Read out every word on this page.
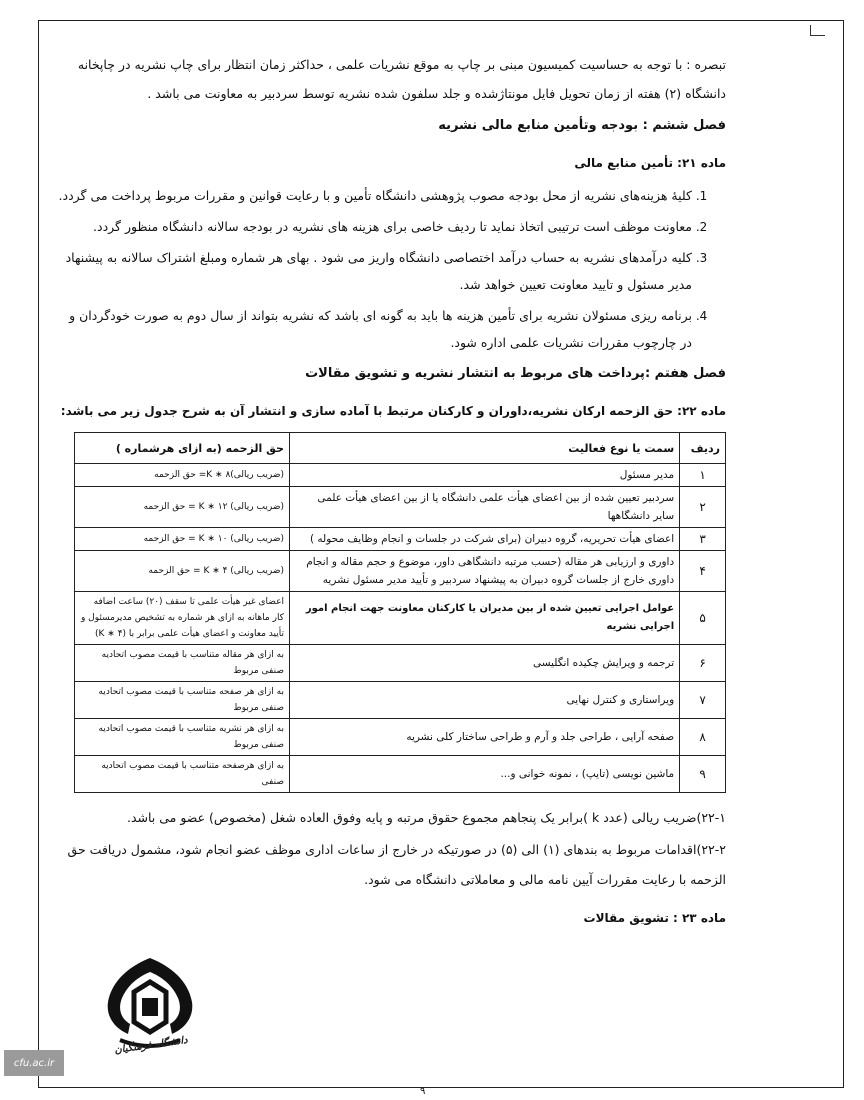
تبصره : با توجه به حساسیت کمیسیون مبنی بر چاپ به موقع نشریات علمی ، حداکثر زمان انتظار برای چاپ نشریه در چاپخانه دانشگاه (۲) هفته از زمان تحویل فایل مونتاژشده و جلد سلفون شده نشریه توسط سردبیر به معاونت می باشد .

فصل ششم : بودجه وتأمین منابع مالی نشریه

ماده ۲۱: تأمین منابع مالی

1. کلیهٔ هزینه‌های نشریه از محل بودجه مصوب پژوهشی دانشگاه تأمین و با رعایت قوانین و مقررات مربوط پرداخت می گردد.
2. معاونت موظف است ترتیبی اتخاذ نماید تا ردیف خاصی برای هزینه های نشریه در بودجه سالانه دانشگاه منظور گردد.
3. کلیه درآمدهای نشریه به حساب درآمد اختصاصی دانشگاه واریز می شود . بهای هر شماره ومبلغ اشتراک سالانه به پیشنهاد مدیر مسئول و تایید معاونت تعیین خواهد شد.
4. برنامه ریزی مسئولان نشریه برای تأمین هزینه ها باید به گونه ای باشد که نشریه بتواند از سال دوم به صورت خودگردان و در چارچوب مقررات نشریات علمی اداره شود.

فصل هفتم :پرداخت های مربوط به انتشار نشریه و تشویق مقالات

ماده ۲۲: حق الزحمه ارکان نشریه،داوران و کارکنان مرتبط با آماده سازی و انتشار آن به شرح جدول زیر می باشد:

ردیف	سمت یا نوع فعالیت	حق الزحمه (به ازای هرشماره )
۱	مدیر مسئول	(ضریب ریالی)K ∗ ۸= حق الزحمه
۲	سردبیر تعیین شده از بین اعضای هیأت علمی دانشگاه یا از بین اعضای هیأت علمی سایر دانشگاهها	(ضریب ریالی) K ∗ ۱۲ = حق الزحمه
۳	اعضای هیأت تحریریه، گروه دبیران (برای شرکت در جلسات و انجام وظایف محوله )	(ضریب ریالی) K ∗ ۱۰ = حق الزحمه
۴	داوری و ارزیابی هر مقاله (حسب مرتبه دانشگاهی داور، موضوع و حجم مقاله و انجام داوری خارج از جلسات گروه دبیران به پیشنهاد سردبیر و تأیید مدیر مسئول نشریه	(ضریب ریالی) K ∗ ۴ = حق الزحمه
۵	عوامل اجرایی تعیین شده از بین مدیران یا کارکنان معاونت جهت انجام امور اجرایی نشریه	اعضای غیر هیأت علمی تا سقف (۲۰) ساعت اضافه کار ماهانه به ازای هر شماره به تشخیص مدیرمسئول و تأیید معاونت و اعضای هیأت علمی برابر با (K ∗ ۴)
۶	ترجمه و ویرایش چکیده انگلیسی	به ازای هر مقاله متناسب با قیمت مصوب اتحادیه صنفی مربوط
۷	ویراستاری و کنترل نهایی	به ازای هر صفحه متناسب با قیمت مصوب اتحادیه صنفی مربوط
۸	صفحه آرایی ، طراحی جلد و آرم و طراحی ساختار کلی نشریه	به ازای هر نشریه متناسب با قیمت مصوب اتحادیه صنفی مربوط
۹	ماشین نویسی (تایپ) ، نمونه خوانی و...	به ازای هرصفحه متناسب با قیمت مصوب اتحادیه صنفی

۲۲-۱)ضریب ریالی (عدد k )برابر یک پنجاهم مجموع حقوق مرتبه و پایه وفوق العاده شغل (مخصوص) عضو می باشد.

۲۲-۲)اقدامات مربوط به بندهای (۱) الی (۵) در صورتیکه در خارج از ساعات اداری موظف عضو انجام شود، مشمول دریافت حق الزحمه با رعایت مقررات آیین نامه مالی و معاملاتی دانشگاه می شود.

ماده ۲۳ : تشویق مقالات

دانشگاه فرهنگیان
cfu.ac.ir
۹
